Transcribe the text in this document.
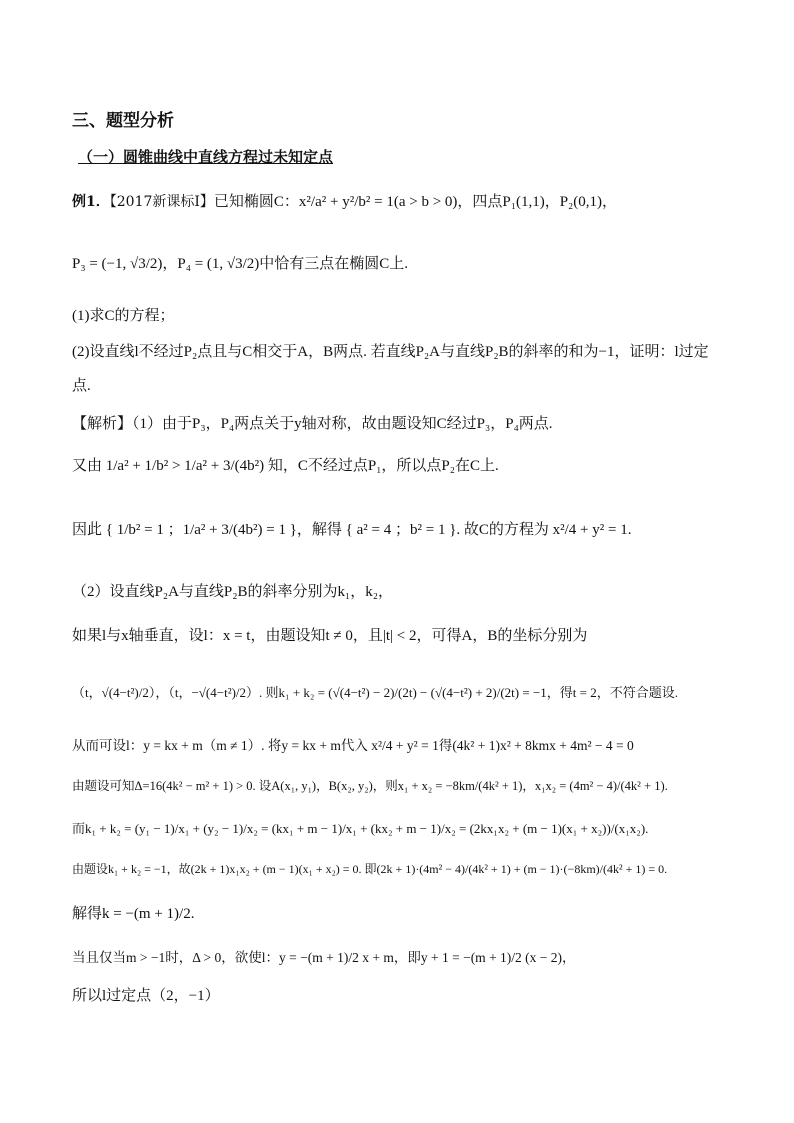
三、题型分析
（一）圆锥曲线中直线方程过未知定点
例1．【2017新课标Ⅰ】已知椭圆C：x²/a² + y²/b² = 1(a > b > 0)，四点P₁(1,1)，P₂(0,1)，
P₃ = (−1, √3/2)，P₄ = (1, √3/2)中恰有三点在椭圆C上.
(1)求C的方程；
(2)设直线l不经过P₂点且与C相交于A，B两点. 若直线P₂A与直线P₂B的斜率的和为−1，证明：l过定
点.
【解析】（1）由于P₃，P₄两点关于y轴对称，故由题设知C经过P₃，P₄两点.
又由 1/a² + 1/b² > 1/a² + 3/(4b²) 知，C不经过点P₁，所以点P₂在C上.
因此 { 1/b² = 1 ；1/a² + 3/(4b²) = 1 }，解得 { a² = 4 ；b² = 1 }. 故C的方程为 x²/4 + y² = 1.
（2）设直线P₂A与直线P₂B的斜率分别为k₁，k₂，
如果l与x轴垂直，设l：x = t，由题设知t ≠ 0，且|t| < 2，可得A，B的坐标分别为
（t，√(4−t²)/2），（t，−√(4−t²)/2）. 则k₁ + k₂ = (√(4−t²) − 2)/(2t) − (√(4−t²) + 2)/(2t) = −1，得t = 2，不符合题设.
从而可设l：y = kx + m（m ≠ 1）. 将y = kx + m代入 x²/4 + y² = 1得(4k² + 1)x² + 8kmx + 4m² − 4 = 0
由题设可知Δ=16(4k² − m² + 1) > 0. 设A(x₁, y₁)，B(x₂, y₂)，则x₁ + x₂ = −8km/(4k² + 1)，x₁x₂ = (4m² − 4)/(4k² + 1).
而k₁ + k₂ = (y₁ − 1)/x₁ + (y₂ − 1)/x₂ = (kx₁ + m − 1)/x₁ + (kx₂ + m − 1)/x₂ = (2kx₁x₂ + (m − 1)(x₁ + x₂))/(x₁x₂).
由题设k₁ + k₂ = −1，故(2k + 1)x₁x₂ + (m − 1)(x₁ + x₂) = 0. 即(2k + 1)·(4m² − 4)/(4k² + 1) + (m − 1)·(−8km)/(4k² + 1) = 0.
解得k = −(m + 1)/2.
当且仅当m > −1时，Δ > 0，欲使l：y = −(m + 1)/2 x + m，即y + 1 = −(m + 1)/2 (x − 2)，
所以l过定点（2，−1）
